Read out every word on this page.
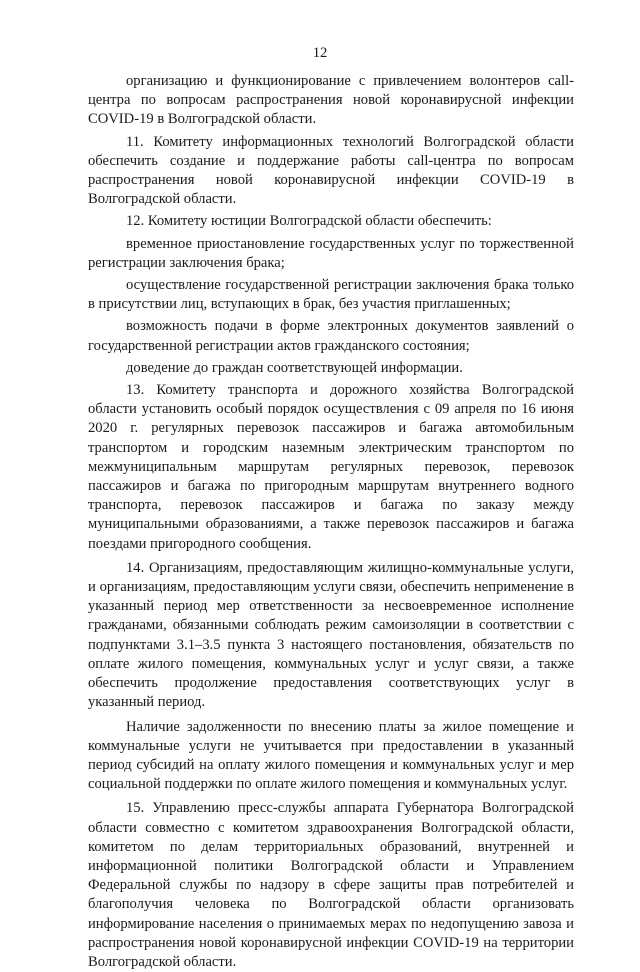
12

организацию и функционирование с привлечением волонтеров call-центра по вопросам распространения новой коронавирусной инфекции COVID-19 в Волгоградской области.

11. Комитету информационных технологий Волгоградской области обеспечить создание и поддержание работы call-центра по вопросам распространения новой коронавирусной инфекции COVID-19 в Волгоградской области.

12. Комитету юстиции Волгоградской области обеспечить:

временное приостановление государственных услуг по торжественной регистрации заключения брака;

осуществление государственной регистрации заключения брака только в присутствии лиц, вступающих в брак, без участия приглашенных;

возможность подачи в форме электронных документов заявлений о государственной регистрации актов гражданского состояния;

доведение до граждан соответствующей информации.

13. Комитету транспорта и дорожного хозяйства Волгоградской области установить особый порядок осуществления с 09 апреля по 16 июня 2020 г. регулярных перевозок пассажиров и багажа автомобильным транспортом и городским наземным электрическим транспортом по межмуниципальным маршрутам регулярных перевозок, перевозок пассажиров и багажа по пригородным маршрутам внутреннего водного транспорта, перевозок пассажиров и багажа по заказу между муниципальными образованиями, а также перевозок пассажиров и багажа поездами пригородного сообщения.

14. Организациям, предоставляющим жилищно-коммунальные услуги, и организациям, предоставляющим услуги связи, обеспечить неприменение в указанный период мер ответственности за несвоевременное исполнение гражданами, обязанными соблюдать режим самоизоляции в соответствии с подпунктами 3.1–3.5 пункта 3 настоящего постановления, обязательств по оплате жилого помещения, коммунальных услуг и услуг связи, а также обеспечить продолжение предоставления соответствующих услуг в указанный период.

Наличие задолженности по внесению платы за жилое помещение и коммунальные услуги не учитывается при предоставлении в указанный период субсидий на оплату жилого помещения и коммунальных услуг и мер социальной поддержки по оплате жилого помещения и коммунальных услуг.

15. Управлению пресс-службы аппарата Губернатора Волгоградской области совместно с комитетом здравоохранения Волгоградской области, комитетом по делам территориальных образований, внутренней и информационной политики Волгоградской области и Управлением Федеральной службы по надзору в сфере защиты прав потребителей и благополучия человека по Волгоградской области организовать информирование населения о принимаемых мерах по недопущению завоза и распространения новой коронавирусной инфекции COVID-19 на территории Волгоградской области.
